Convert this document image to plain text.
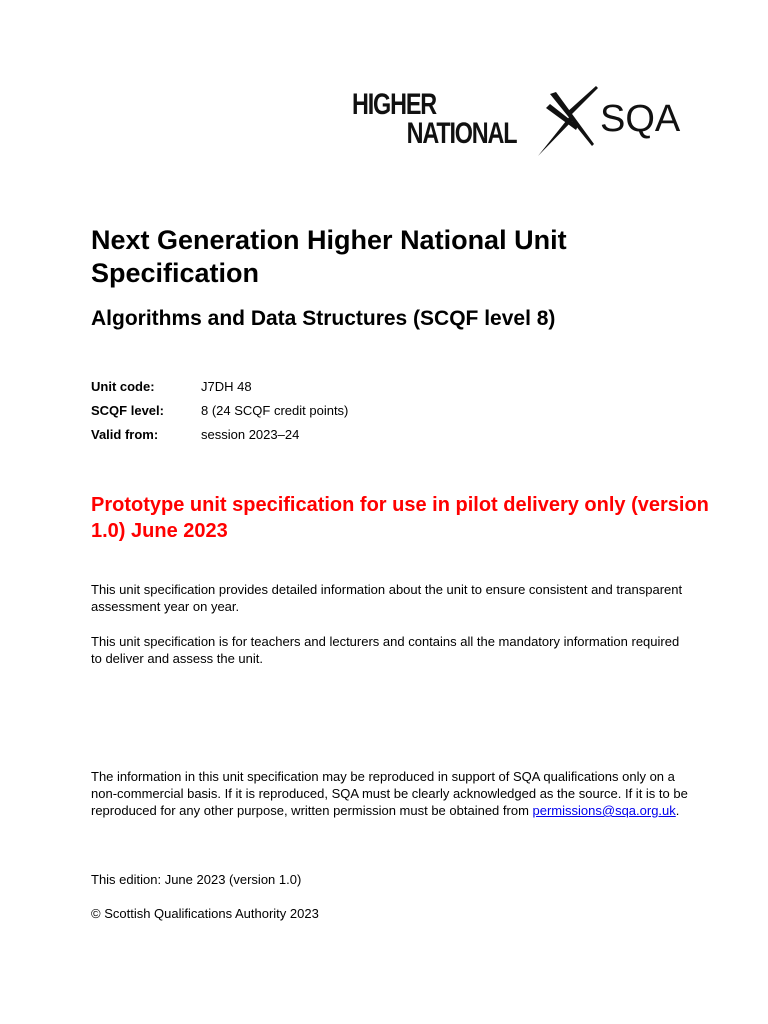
HIGHER
NATIONAL SQA
Next Generation Higher National Unit Specification
Algorithms and Data Structures (SCQF level 8)
Unit code:	J7DH 48
SCQF level:	8 (24 SCQF credit points)
Valid from:	session 2023–24

Prototype unit specification for use in pilot delivery only (version 1.0) June 2023

This unit specification provides detailed information about the unit to ensure consistent and transparent assessment year on year.

This unit specification is for teachers and lecturers and contains all the mandatory information required to deliver and assess the unit.

The information in this unit specification may be reproduced in support of SQA qualifications only on a non-commercial basis. If it is reproduced, SQA must be clearly acknowledged as the source. If it is to be reproduced for any other purpose, written permission must be obtained from permissions@sqa.org.uk.

This edition: June 2023 (version 1.0)

© Scottish Qualifications Authority 2023
